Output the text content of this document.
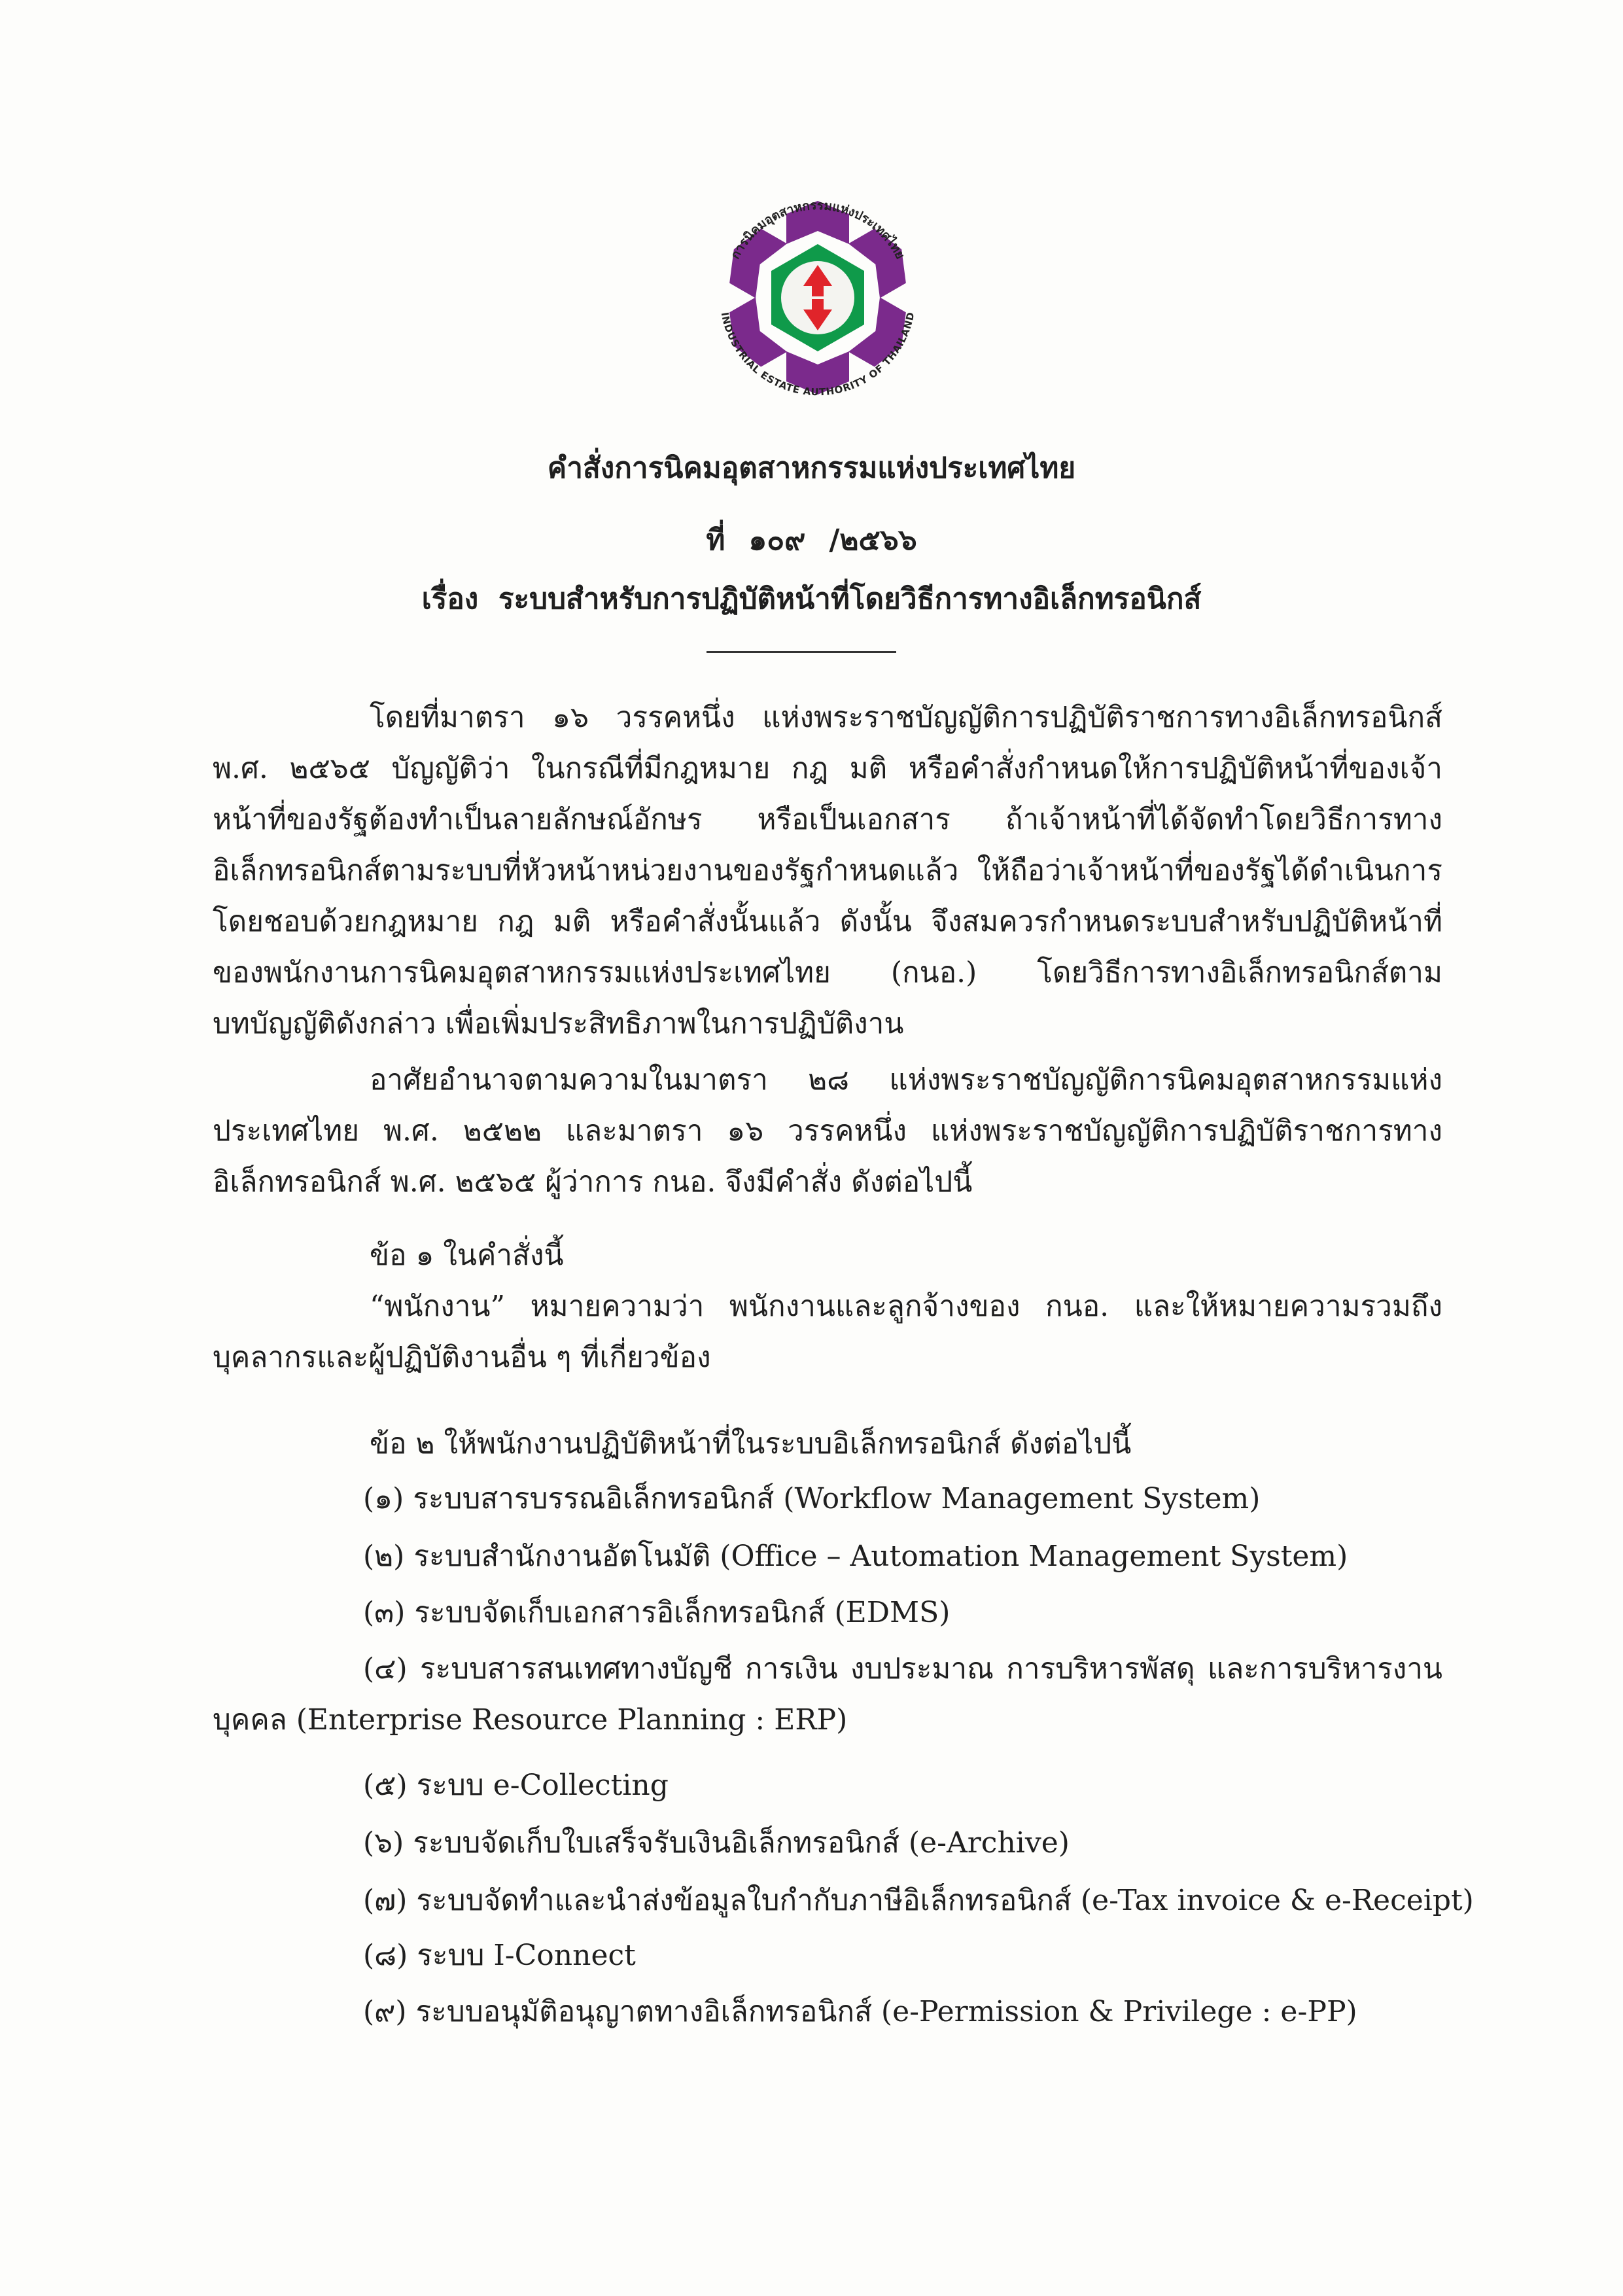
การนิคมอุตสาหกรรมแห่งประเทศไทย
INDUSTRIAL ESTATE AUTHORITY OF THAILAND
คำสั่งการนิคมอุตสาหกรรมแห่งประเทศไทย
ที่ ๑๐๙ /๒๕๖๖
เรื่อง ระบบสำหรับการปฏิบัติหน้าที่โดยวิธีการทางอิเล็กทรอนิกส์
โดยที่มาตรา ๑๖ วรรคหนึ่ง แห่งพระราชบัญญัติการปฏิบัติราชการทางอิเล็กทรอนิกส์ พ.ศ. ๒๕๖๕ บัญญัติว่า ในกรณีที่มีกฎหมาย กฎ มติ หรือคำสั่งกำหนดให้การปฏิบัติหน้าที่ของเจ้าหน้าที่ของรัฐต้องทำเป็นลายลักษณ์อักษร หรือเป็นเอกสาร ถ้าเจ้าหน้าที่ได้จัดทำโดยวิธีการทางอิเล็กทรอนิกส์ตามระบบที่หัวหน้าหน่วยงานของรัฐกำหนดแล้ว ให้ถือว่าเจ้าหน้าที่ของรัฐได้ดำเนินการโดยชอบด้วยกฎหมาย กฎ มติ หรือคำสั่งนั้นแล้ว ดังนั้น จึงสมควรกำหนดระบบสำหรับปฏิบัติหน้าที่ของพนักงานการนิคมอุตสาหกรรมแห่งประเทศไทย (กนอ.) โดยวิธีการทางอิเล็กทรอนิกส์ตามบทบัญญัติดังกล่าว เพื่อเพิ่มประสิทธิภาพในการปฏิบัติงาน
อาศัยอำนาจตามความในมาตรา ๒๘ แห่งพระราชบัญญัติการนิคมอุตสาหกรรมแห่งประเทศไทย พ.ศ. ๒๕๒๒ และมาตรา ๑๖ วรรคหนึ่ง แห่งพระราชบัญญัติการปฏิบัติราชการทางอิเล็กทรอนิกส์ พ.ศ. ๒๕๖๕ ผู้ว่าการ กนอ. จึงมีคำสั่ง ดังต่อไปนี้
ข้อ ๑ ในคำสั่งนี้
“พนักงาน” หมายความว่า พนักงานและลูกจ้างของ กนอ. และให้หมายความรวมถึง บุคลากรและผู้ปฏิบัติงานอื่น ๆ ที่เกี่ยวข้อง
ข้อ ๒ ให้พนักงานปฏิบัติหน้าที่ในระบบอิเล็กทรอนิกส์ ดังต่อไปนี้
(๑) ระบบสารบรรณอิเล็กทรอนิกส์ (Workflow Management System)
(๒) ระบบสำนักงานอัตโนมัติ (Office – Automation Management System)
(๓) ระบบจัดเก็บเอกสารอิเล็กทรอนิกส์ (EDMS)
(๔) ระบบสารสนเทศทางบัญชี การเงิน งบประมาณ การบริหารพัสดุ และการบริหารงานบุคคล (Enterprise Resource Planning : ERP)
(๕) ระบบ e-Collecting
(๖) ระบบจัดเก็บใบเสร็จรับเงินอิเล็กทรอนิกส์ (e-Archive)
(๗) ระบบจัดทำและนำส่งข้อมูลใบกำกับภาษีอิเล็กทรอนิกส์ (e-Tax invoice & e-Receipt)
(๘) ระบบ I-Connect
(๙) ระบบอนุมัติอนุญาตทางอิเล็กทรอนิกส์ (e-Permission & Privilege : e-PP)
